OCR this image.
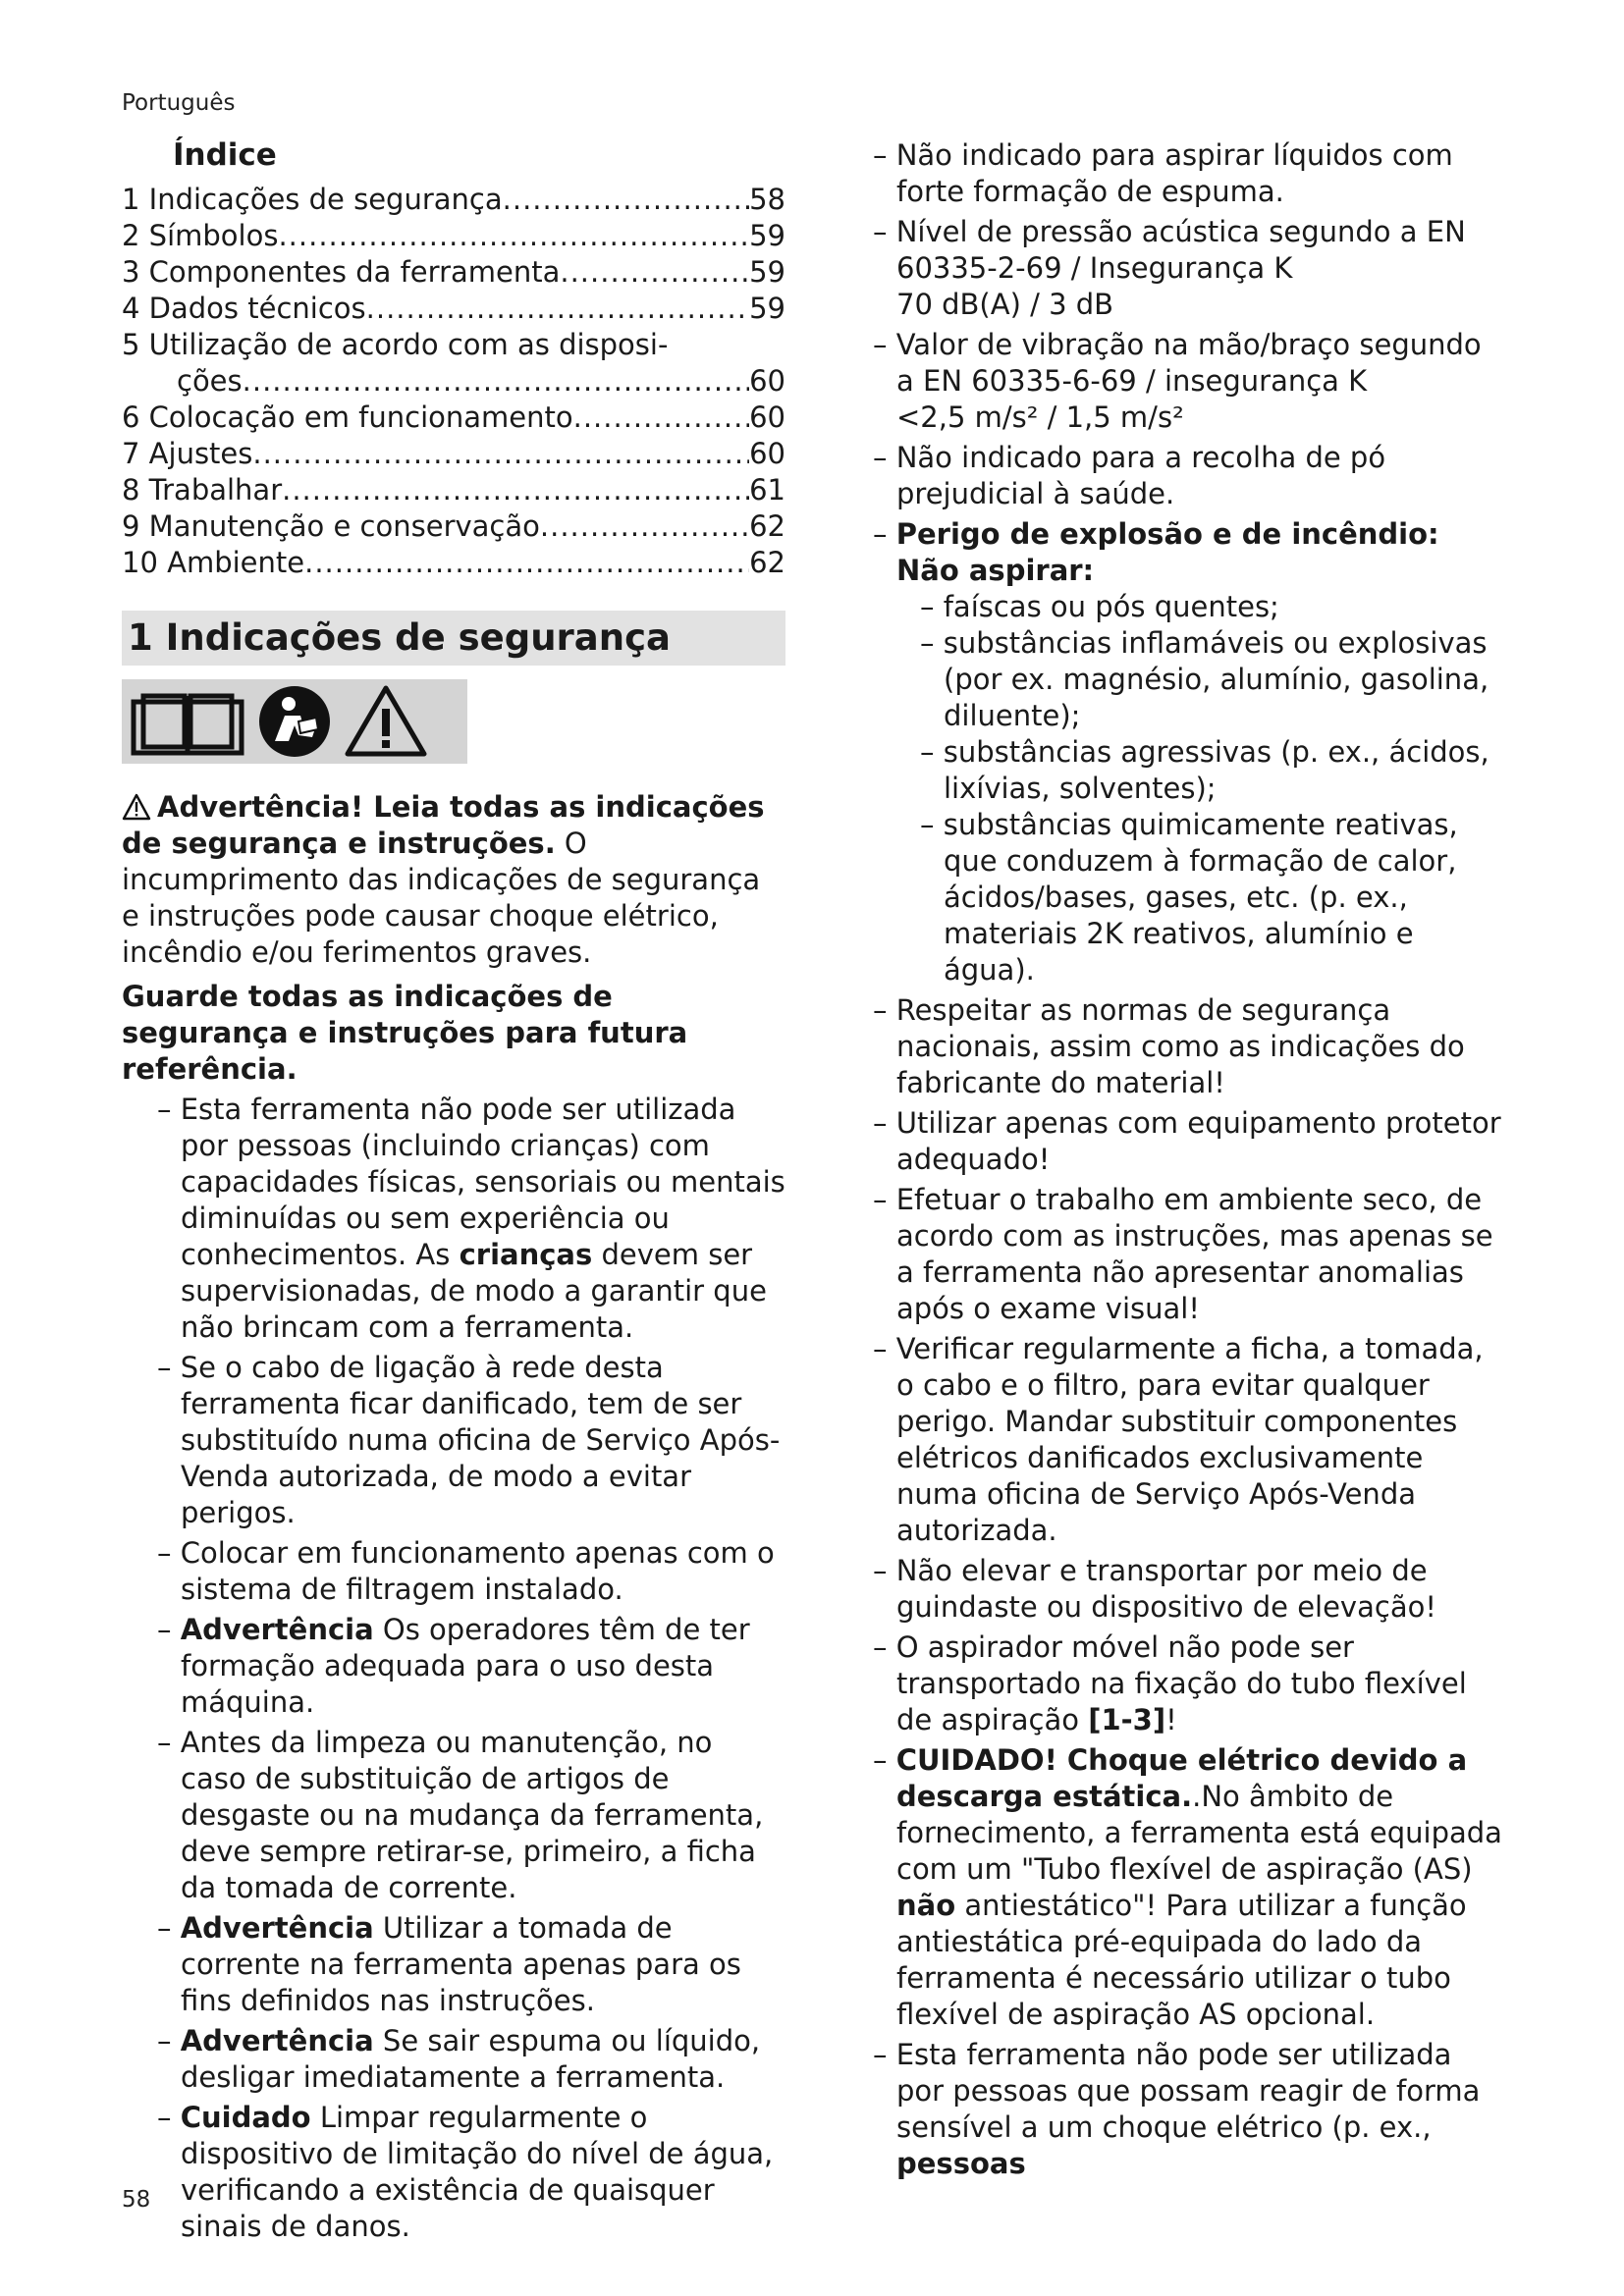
Português
Índice
1 Indicações de segurança .....	58
2 Símbolos .....	59
3 Componentes da ferramenta .....	59
4 Dados técnicos .....	59
5 Utilização de acordo com as disposi-
ções .....	60
6 Colocação em funcionamento .....	60
7 Ajustes .....	60
8 Trabalhar .....	61
9 Manutenção e conservação .....	62
10 Ambiente .....	62
1 Indicações de segurança

Advertência! Leia todas as indicações de segurança e instruções. O incumprimento das indicações de segurança e instruções pode causar choque elétrico, incêndio e/ou ferimentos graves.

Guarde todas as indicações de segurança e instruções para futura referência.

– Esta ferramenta não pode ser utilizada por pessoas (incluindo crianças) com capacidades físicas, sensoriais ou mentais diminuídas ou sem experiência ou conhecimentos. As crianças devem ser supervisionadas, de modo a garantir que não brincam com a ferramenta.
– Se o cabo de ligação à rede desta ferramenta ficar danificado, tem de ser substituído numa oficina de Serviço Após-Venda autorizada, de modo a evitar perigos.
– Colocar em funcionamento apenas com o sistema de filtragem instalado.
– Advertência Os operadores têm de ter formação adequada para o uso desta máquina.
– Antes da limpeza ou manutenção, no caso de substituição de artigos de desgaste ou na mudança da ferramenta, deve sempre retirar-se, primeiro, a ficha da tomada de corrente.
– Advertência Utilizar a tomada de corrente na ferramenta apenas para os fins definidos nas instruções.
– Advertência Se sair espuma ou líquido, desligar imediatamente a ferramenta.
– Cuidado Limpar regularmente o dispositivo de limitação do nível de água, verificando a existência de quaisquer sinais de danos.
– Não indicado para aspirar líquidos com forte formação de espuma.
– Nível de pressão acústica segundo a EN 60335-2-69 / Insegurança K
70 dB(A) / 3 dB
– Valor de vibração na mão/braço segundo a EN 60335-6-69 / insegurança K
<2,5 m/s² / 1,5 m/s²
– Não indicado para a recolha de pó prejudicial à saúde.
– Perigo de explosão e de incêndio: Não aspirar:
– faíscas ou pós quentes;
– substâncias inflamáveis ou explosivas (por ex. magnésio, alumínio, gasolina, diluente);
– substâncias agressivas (p. ex., ácidos, lixívias, solventes);
– substâncias quimicamente reativas, que conduzem à formação de calor, ácidos/bases, gases, etc. (p. ex., materiais 2K reativos, alumínio e água).
– Respeitar as normas de segurança nacionais, assim como as indicações do fabricante do material!
– Utilizar apenas com equipamento protetor adequado!
– Efetuar o trabalho em ambiente seco, de acordo com as instruções, mas apenas se a ferramenta não apresentar anomalias após o exame visual!
– Verificar regularmente a ficha, a tomada, o cabo e o filtro, para evitar qualquer perigo. Mandar substituir componentes elétricos danificados exclusivamente numa oficina de Serviço Após-Venda autorizada.
– Não elevar e transportar por meio de guindaste ou dispositivo de elevação!
– O aspirador móvel não pode ser transportado na fixação do tubo flexível de aspiração [1-3]!
– CUIDADO! Choque elétrico devido a descarga estática..No âmbito de fornecimento, a ferramenta está equipada com um "Tubo flexível de aspiração (AS) não antiestático"! Para utilizar a função antiestática pré-equipada do lado da ferramenta é necessário utilizar o tubo flexível de aspiração AS opcional.
– Esta ferramenta não pode ser utilizada por pessoas que possam reagir de forma sensível a um choque elétrico (p. ex., pessoas
58
